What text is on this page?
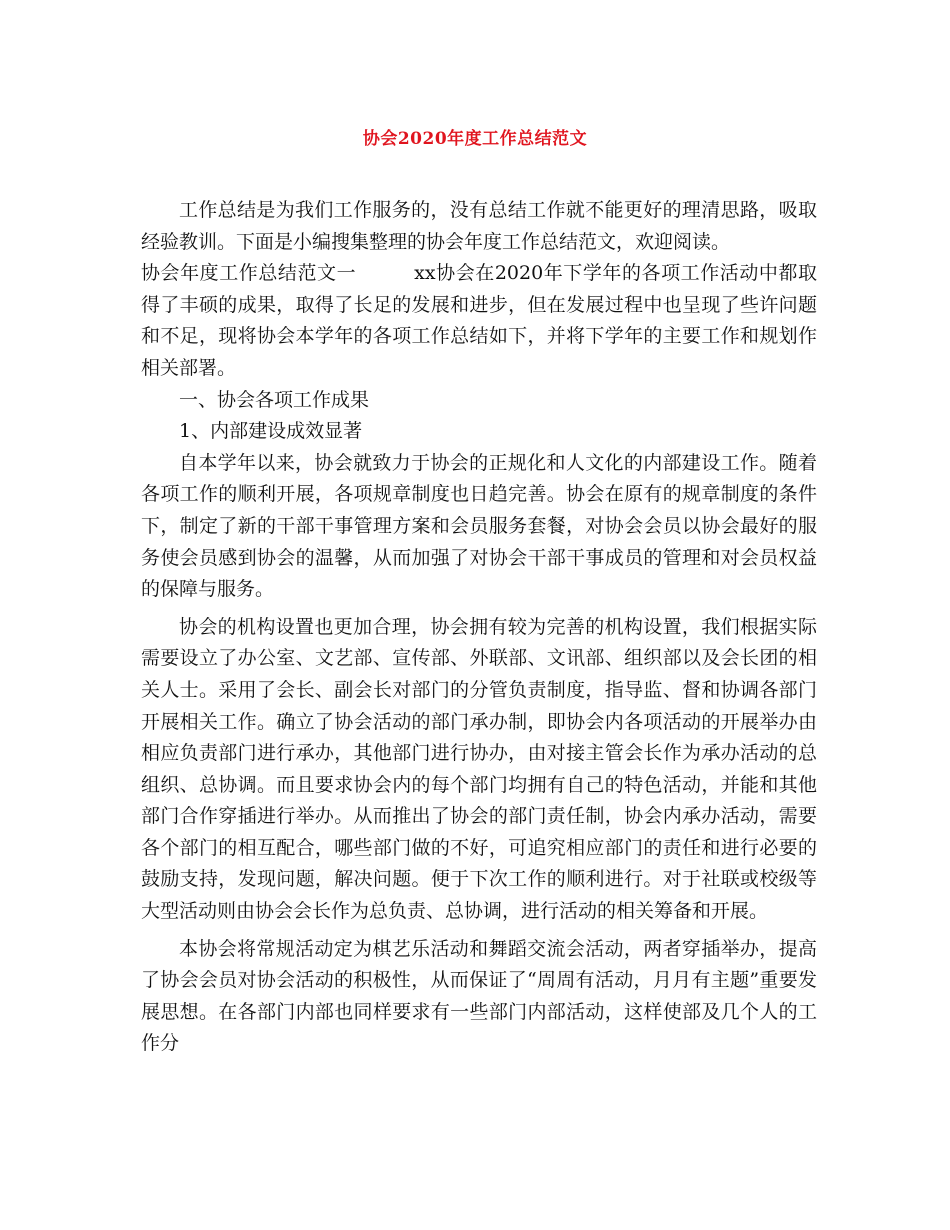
协会2020年度工作总结范文

工作总结是为我们工作服务的，没有总结工作就不能更好的理清思路，吸取经验教训。下面是小编搜集整理的协会年度工作总结范文，欢迎阅读。

协会年度工作总结范文一	xx协会在2020年下学年的各项工作活动中都取得了丰硕的成果，取得了长足的发展和进步，但在发展过程中也呈现了些许问题和不足，现将协会本学年的各项工作总结如下，并将下学年的主要工作和规划作相关部署。

一、协会各项工作成果

1、内部建设成效显著

自本学年以来，协会就致力于协会的正规化和人文化的内部建设工作。随着各项工作的顺利开展，各项规章制度也日趋完善。协会在原有的规章制度的条件下，制定了新的干部干事管理方案和会员服务套餐，对协会会员以协会最好的服务使会员感到协会的温馨，从而加强了对协会干部干事成员的管理和对会员权益的保障与服务。

协会的机构设置也更加合理，协会拥有较为完善的机构设置，我们根据实际需要设立了办公室、文艺部、宣传部、外联部、文讯部、组织部以及会长团的相关人士。采用了会长、副会长对部门的分管负责制度，指导监、督和协调各部门开展相关工作。确立了协会活动的部门承办制，即协会内各项活动的开展举办由相应负责部门进行承办，其他部门进行协办，由对接主管会长作为承办活动的总组织、总协调。而且要求协会内的每个部门均拥有自己的特色活动，并能和其他部门合作穿插进行举办。从而推出了协会的部门责任制，协会内承办活动，需要各个部门的相互配合，哪些部门做的不好，可追究相应部门的责任和进行必要的鼓励支持，发现问题，解决问题。便于下次工作的顺利进行。对于社联或校级等大型活动则由协会会长作为总负责、总协调，进行活动的相关筹备和开展。

本协会将常规活动定为棋艺乐活动和舞蹈交流会活动，两者穿插举办，提高了协会会员对协会活动的积极性，从而保证了“周周有活动，月月有主题”重要发展思想。在各部门内部也同样要求有一些部门内部活动，这样使部及几个人的工作分
